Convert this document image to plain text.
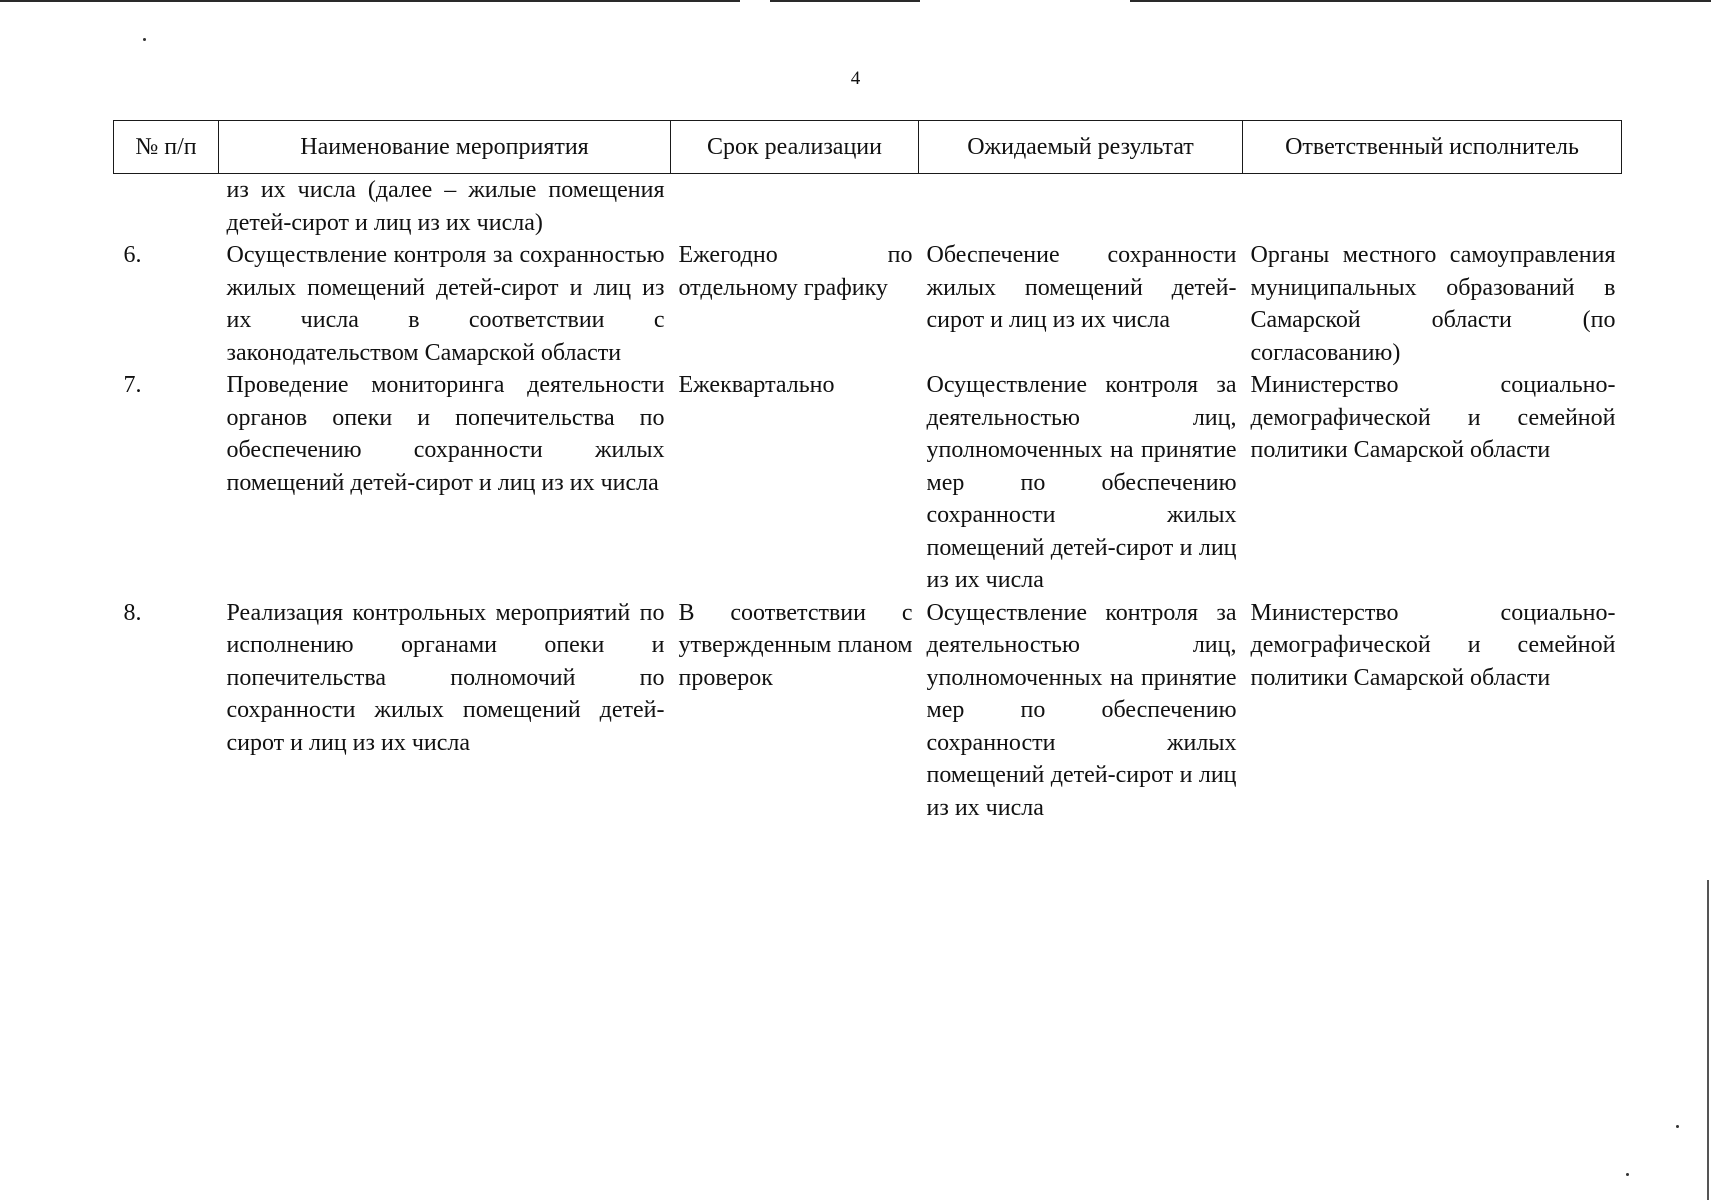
4
№ п/п	Наименование мероприятия	Срок реализации	Ожидаемый результат	Ответственный исполнитель
	из их числа (далее – жилые помещения детей-сирот и лиц из их числа)			
6.	Осуществление контроля за сохранностью жилых помещений детей-сирот и лиц из их числа в соответствии с законодательством Самарской области	Ежегодно по отдельному графику	Обеспечение сохранности жилых помещений детей-сирот и лиц из их числа	Органы местного самоуправления муниципальных образований в Самарской области (по согласованию)
7.	Проведение мониторинга деятельности органов опеки и попечительства по обеспечению сохранности жилых помещений детей-сирот и лиц из их числа	Ежеквартально	Осуществление контроля за деятельностью лиц, уполномоченных на принятие мер по обеспечению сохранности жилых помещений детей-сирот и лиц из их числа	Министерство социально-демографической и семейной политики Самарской области
8.	Реализация контрольных мероприятий по исполнению органами опеки и попечительства полномочий по сохранности жилых помещений детей-сирот и лиц из их числа	В соответствии с утвержденным планом проверок	Осуществление контроля за деятельностью лиц, уполномоченных на принятие мер по обеспечению сохранности жилых помещений детей-сирот и лиц из их числа	Министерство социально-демографической и семейной политики Самарской области
